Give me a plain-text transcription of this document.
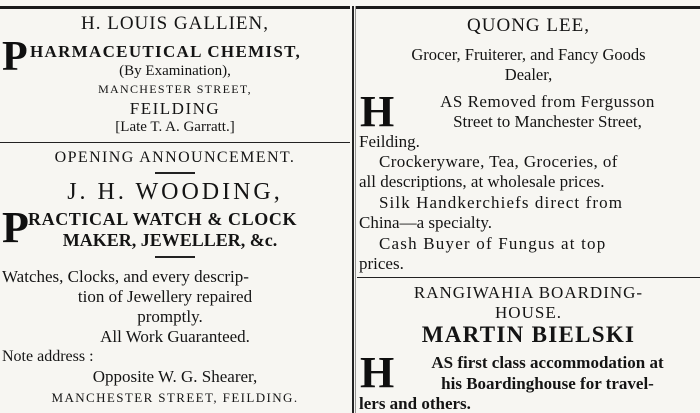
H. LOUIS GALLIEN,
P HARMACEUTICAL CHEMIST,
(By Examination),
MANCHESTER STREET,
FEILDING
[Late T. A. Garratt.]
OPENING ANNOUNCEMENT.
J. H. WOODING,
P RACTICAL WATCH & CLOCK
MAKER, JEWELLER, &c.
Watches, Clocks, and every descrip-
tion of Jewellery repaired
promptly.
All Work Guaranteed.
Note address :
Opposite W. G. Shearer,
MANCHESTER STREET, FEILDING.
QUONG LEE,
Grocer, Fruiterer, and Fancy Goods
Dealer,
H	AS Removed from Fergusson
Street to Manchester Street,
Feilding.
Crockeryware, Tea, Groceries, of
all descriptions, at wholesale prices.
Silk Handkerchiefs direct from
China—a specialty.
Cash Buyer of Fungus at top
prices.
RANGIWAHIA BOARDING-
HOUSE.
MARTIN BIELSKI
H	AS first class accommodation at
his Boardinghouse for travel-
lers and others.
